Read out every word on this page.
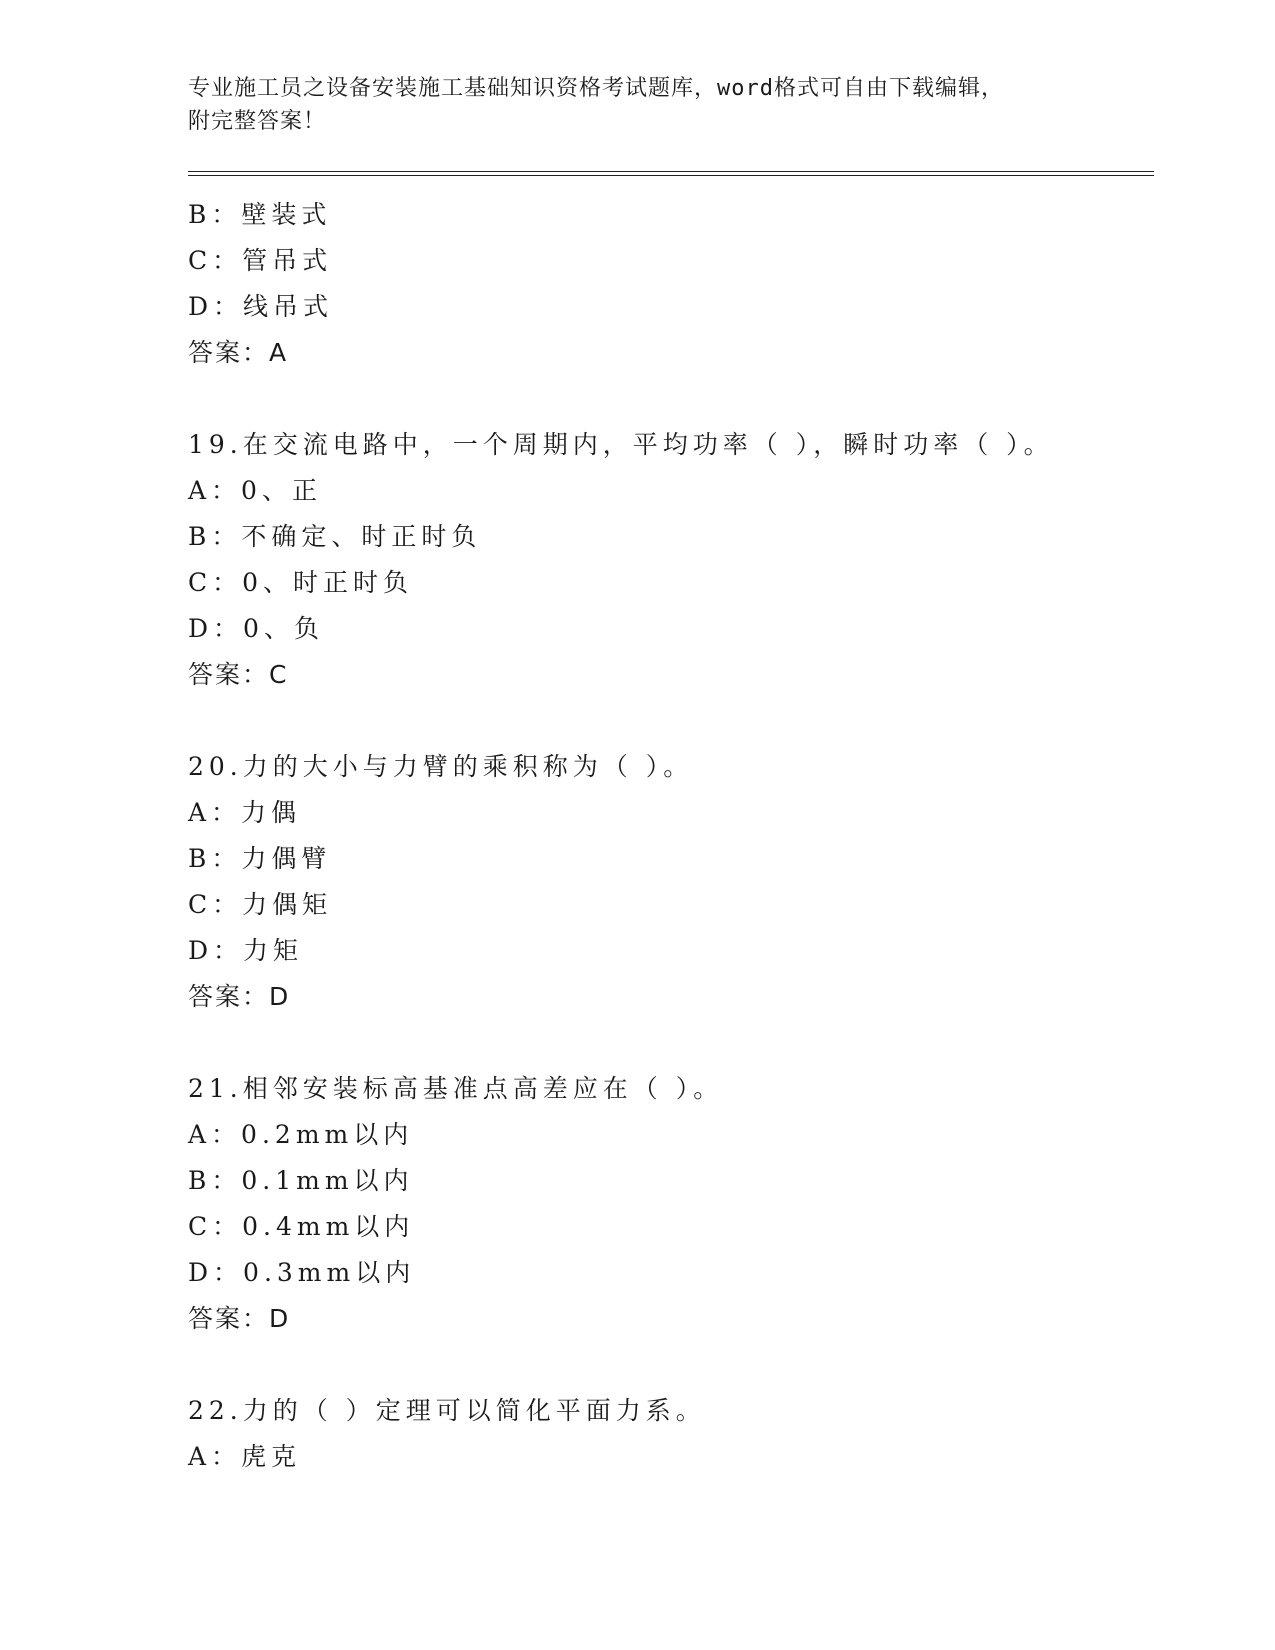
专业施工员之设备安装施工基础知识资格考试题库，word格式可自由下载编辑，
附完整答案！
B：壁装式
C：管吊式
D：线吊式
答案：A
19.在交流电路中，一个周期内，平均功率（ ），瞬时功率（ ）。
A：0、正
B：不确定、时正时负
C：0、时正时负
D：0、负
答案：C
20.力的大小与力臂的乘积称为（ ）。
A：力偶
B：力偶臂
C：力偶矩
D：力矩
答案：D
21.相邻安装标高基准点高差应在（ ）。
A：0.2mm以内
B：0.1mm以内
C：0.4mm以内
D：0.3mm以内
答案：D
22.力的（ ）定理可以简化平面力系。
A：虎克
